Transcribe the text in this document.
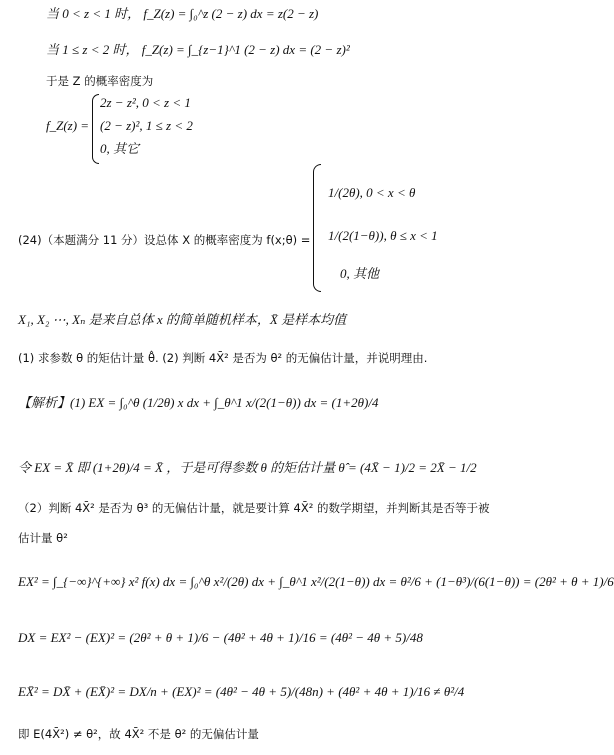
当 0 < z < 1 时， f_Z(z) = ∫₀^z (2 − z) dx = z(2 − z)
当 1 ≤ z < 2 时， f_Z(z) = ∫_{z−1}^1 (2 − z) dx = (2 − z)²
于是 Z 的概率密度为
f_Z(z) =
2z − z², 0 < z < 1
(2 − z)², 1 ≤ z < 2
0, 其它
(24)（本题满分 11 分）设总体 X 的概率密度为 f(x;θ) =
1/(2θ), 0 < x < θ
1/(2(1−θ)), θ ≤ x < 1
0, 其他
X₁, X₂ ⋯, Xₙ 是来自总体 x 的简单随机样本，X̄ 是样本均值
(1) 求参数 θ 的矩估计量 θ̂. (2) 判断 4X̄² 是否为 θ² 的无偏估计量，并说明理由.
【解析】(1) EX = ∫₀^θ (1/2θ) x dx + ∫_θ^1 x/(2(1−θ)) dx = (1+2θ)/4
令 EX = X̄ 即 (1+2θ)/4 = X̄ ，于是可得参数 θ 的矩估计量 θ̂ = (4X̄ − 1)/2 = 2X̄ − 1/2
（2）判断 4X̄² 是否为 θ³ 的无偏估计量，就是要计算 4X̄² 的数学期望，并判断其是否等于被
估计量 θ²
EX² = ∫_{−∞}^{+∞} x² f(x) dx = ∫₀^θ x²/(2θ) dx + ∫_θ^1 x²/(2(1−θ)) dx = θ²/6 + (1−θ³)/(6(1−θ)) = (2θ² + θ + 1)/6
DX = EX² − (EX)² = (2θ² + θ + 1)/6 − (4θ² + 4θ + 1)/16 = (4θ² − 4θ + 5)/48
EX̄² = DX̄ + (EX̄)² = DX/n + (EX)² = (4θ² − 4θ + 5)/(48n) + (4θ² + 4θ + 1)/16 ≠ θ²/4
即 E(4X̄²) ≠ θ²，故 4X̄² 不是 θ² 的无偏估计量
